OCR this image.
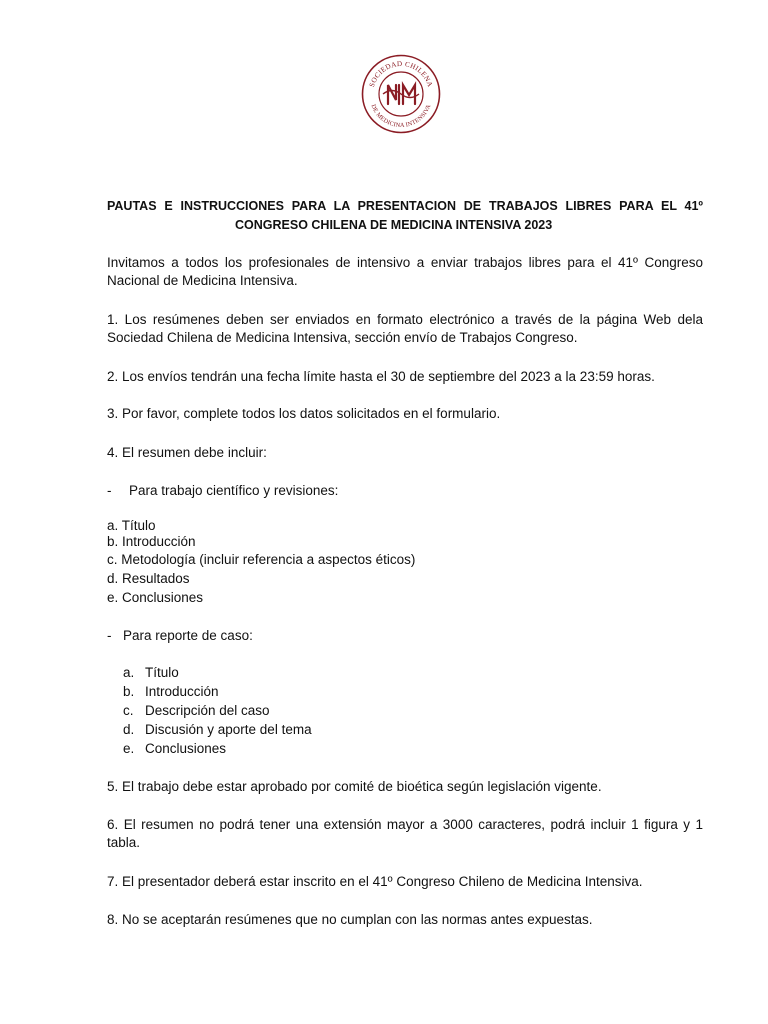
SOCIEDAD CHILENA
DE MEDICINA INTENSIVA
PAUTAS E INSTRUCCIONES PARA LA PRESENTACION DE TRABAJOS LIBRES PARA EL 41º
CONGRESO CHILENA DE MEDICINA INTENSIVA 2023
Invitamos a todos los profesionales de intensivo a enviar trabajos libres para el 41º Congreso
Nacional de Medicina Intensiva.
1. Los resúmenes deben ser enviados en formato electrónico a través de la página Web dela
Sociedad Chilena de Medicina Intensiva, sección envío de Trabajos Congreso.
2. Los envíos tendrán una fecha límite hasta el 30 de septiembre del 2023 a la 23:59 horas.
3. Por favor, complete todos los datos solicitados en el formulario.
4. El resumen debe incluir:
- Para trabajo científico y revisiones:
a. Título
b. Introducción
c. Metodología (incluir referencia a aspectos éticos)
d. Resultados
e. Conclusiones
- Para reporte de caso:
a. Título
b. Introducción
c. Descripción del caso
d. Discusión y aporte del tema
e. Conclusiones
5. El trabajo debe estar aprobado por comité de bioética según legislación vigente.
6. El resumen no podrá tener una extensión mayor a 3000 caracteres, podrá incluir 1 figura y 1
tabla.
7. El presentador deberá estar inscrito en el 41º Congreso Chileno de Medicina Intensiva.
8. No se aceptarán resúmenes que no cumplan con las normas antes expuestas.
